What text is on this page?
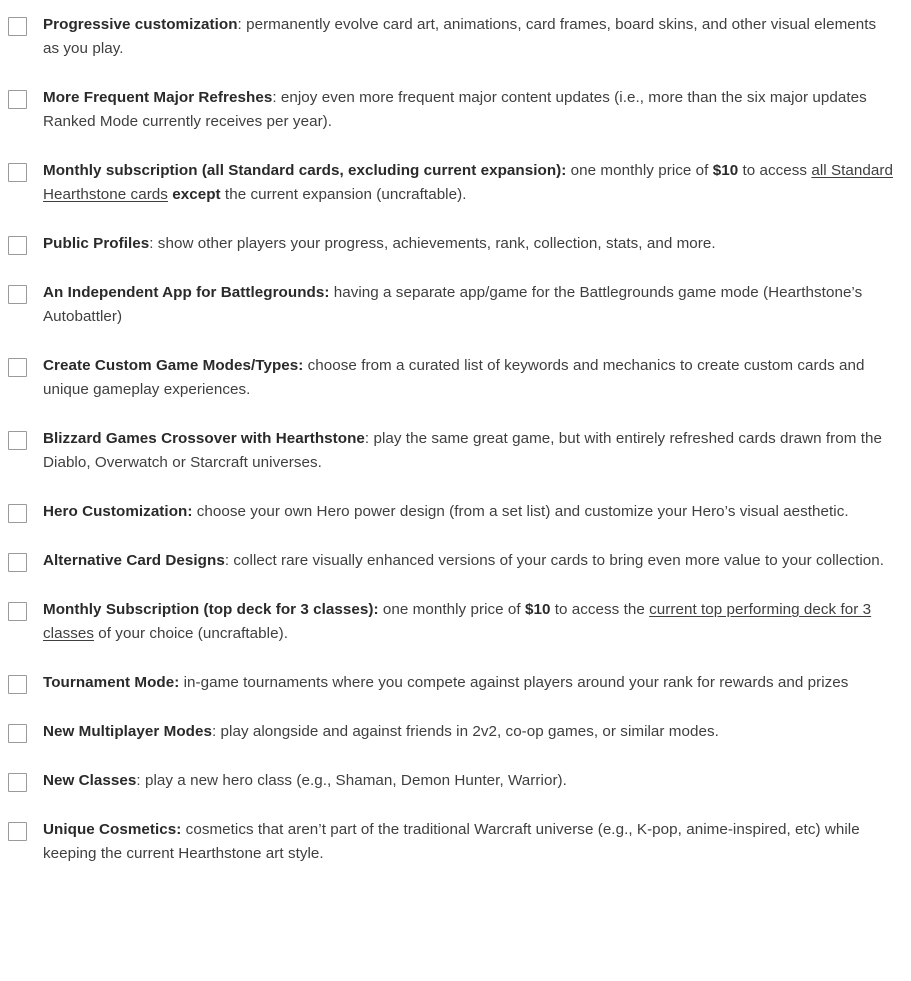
Progressive customization: permanently evolve card art, animations, card frames, board skins, and other visual elements as you play.
More Frequent Major Refreshes: enjoy even more frequent major content updates (i.e., more than the six major updates Ranked Mode currently receives per year).
Monthly subscription (all Standard cards, excluding current expansion): one monthly price of $10 to access all Standard Hearthstone cards except the current expansion (uncraftable).
Public Profiles: show other players your progress, achievements, rank, collection, stats, and more.
An Independent App for Battlegrounds: having a separate app/game for the Battlegrounds game mode (Hearthstone’s Autobattler)
Create Custom Game Modes/Types: choose from a curated list of keywords and mechanics to create custom cards and unique gameplay experiences.
Blizzard Games Crossover with Hearthstone: play the same great game, but with entirely refreshed cards drawn from the Diablo, Overwatch or Starcraft universes.
Hero Customization: choose your own Hero power design (from a set list) and customize your Hero’s visual aesthetic.
Alternative Card Designs: collect rare visually enhanced versions of your cards to bring even more value to your collection.
Monthly Subscription (top deck for 3 classes): one monthly price of $10 to access the current top performing deck for 3 classes of your choice (uncraftable).
Tournament Mode: in-game tournaments where you compete against players around your rank for rewards and prizes
New Multiplayer Modes: play alongside and against friends in 2v2, co-op games, or similar modes.
New Classes: play a new hero class (e.g., Shaman, Demon Hunter, Warrior).
Unique Cosmetics: cosmetics that aren’t part of the traditional Warcraft universe (e.g., K-pop, anime-inspired, etc) while keeping the current Hearthstone art style.
